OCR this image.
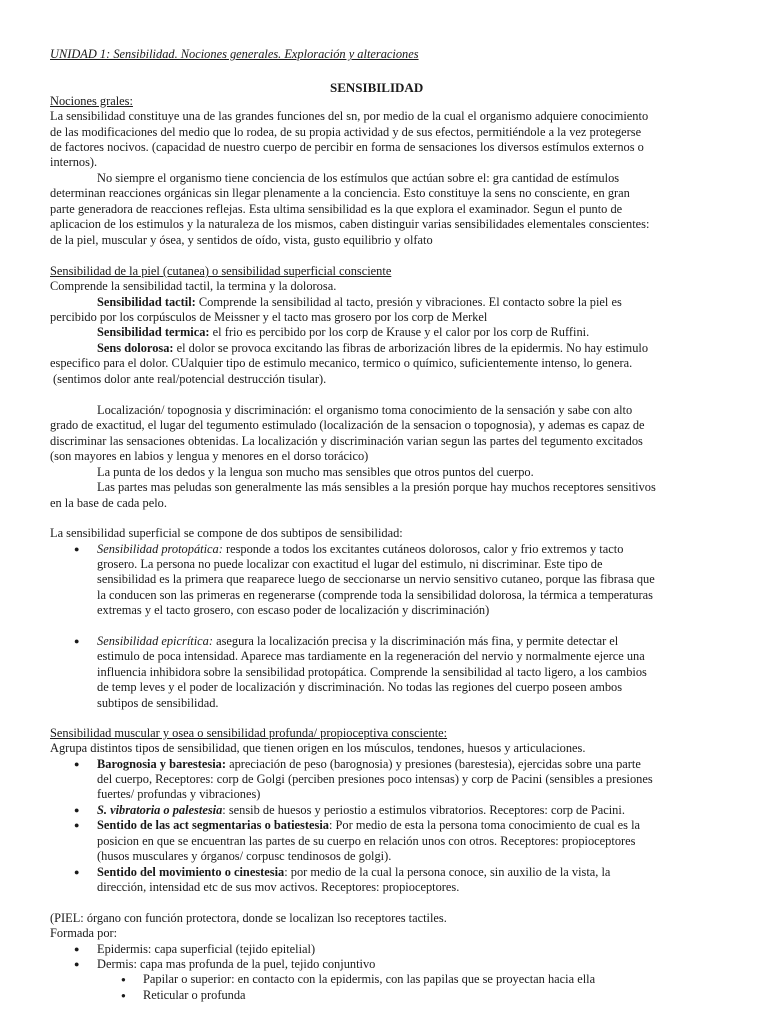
UNIDAD 1: Sensibilidad. Nociones generales. Exploración y alteraciones
SENSIBILIDAD
Nociones grales:
La sensibilidad constituye una de las grandes funciones del sn, por medio de la cual el organismo adquiere conocimiento
de las modificaciones del medio que lo rodea, de su propia actividad y de sus efectos, permitiéndole a la vez protegerse
de factores nocivos. (capacidad de nuestro cuerpo de percibir en forma de sensaciones los diversos estímulos externos o
internos).
No siempre el organismo tiene conciencia de los estímulos que actúan sobre el: gra cantidad de estímulos
determinan reacciones orgánicas sin llegar plenamente a la conciencia. Esto constituye la sens no consciente, en gran
parte generadora de reacciones reflejas. Esta ultima sensibilidad es la que explora el examinador. Segun el punto de
aplicacion de los estimulos y la naturaleza de los mismos, caben distinguir varias sensibilidades elementales conscientes:
de la piel, muscular y ósea, y sentidos de oído, vista, gusto equilibrio y olfato
Sensibilidad de la piel (cutanea) o sensibilidad superficial consciente
Comprende la sensibilidad tactil, la termina y la dolorosa.
Sensibilidad tactil: Comprende la sensibilidad al tacto, presión y vibraciones. El contacto sobre la piel es
percibido por los corpúsculos de Meissner y el tacto mas grosero por los corp de Merkel
Sensibilidad termica: el frio es percibido por los corp de Krause y el calor por los corp de Ruffini.
Sens dolorosa: el dolor se provoca excitando las fibras de arborización libres de la epidermis. No hay estimulo
especifico para el dolor. CUalquier tipo de estimulo mecanico, termico o químico, suficientemente intenso, lo genera.
(sentimos dolor ante real/potencial destrucción tisular).
Localización/ topognosia y discriminación: el organismo toma conocimiento de la sensación y sabe con alto
grado de exactitud, el lugar del tegumento estimulado (localización de la sensacion o topognosia), y ademas es capaz de
discriminar las sensaciones obtenidas. La localización y discriminación varian segun las partes del tegumento excitados
(son mayores en labios y lengua y menores en el dorso torácico)
La punta de los dedos y la lengua son mucho mas sensibles que otros puntos del cuerpo.
Las partes mas peludas son generalmente las más sensibles a la presión porque hay muchos receptores sensitivos
en la base de cada pelo.
La sensibilidad superficial se compone de dos subtipos de sensibilidad:
● Sensibilidad protopática: responde a todos los excitantes cutáneos dolorosos, calor y frio extremos y tacto
grosero. La persona no puede localizar con exactitud el lugar del estimulo, ni discriminar. Este tipo de
sensibilidad es la primera que reaparece luego de seccionarse un nervio sensitivo cutaneo, porque las fibrasa que
la conducen son las primeras en regenerarse (comprende toda la sensibilidad dolorosa, la térmica a temperaturas
extremas y el tacto grosero, con escaso poder de localización y discriminación)
● Sensibilidad epicrítica: asegura la localización precisa y la discriminación más fina, y permite detectar el
estimulo de poca intensidad. Aparece mas tardiamente en la regeneración del nervio y normalmente ejerce una
influencia inhibidora sobre la sensibilidad protopática. Comprende la sensibilidad al tacto ligero, a los cambios
de temp leves y el poder de localización y discriminación. No todas las regiones del cuerpo poseen ambos
subtipos de sensibilidad.
Sensibilidad muscular y osea o sensibilidad profunda/ propioceptiva consciente:
Agrupa distintos tipos de sensibilidad, que tienen origen en los músculos, tendones, huesos y articulaciones.
● Barognosia y barestesia: apreciación de peso (barognosia) y presiones (barestesia), ejercidas sobre una parte
del cuerpo, Receptores: corp de Golgi (perciben presiones poco intensas) y corp de Pacini (sensibles a presiones
fuertes/ profundas y vibraciones)
● S. vibratoria o palestesia: sensib de huesos y periostio a estimulos vibratorios. Receptores: corp de Pacini.
● Sentido de las act segmentarias o batiestesia: Por medio de esta la persona toma conocimiento de cual es la
posicion en que se encuentran las partes de su cuerpo en relación unos con otros. Receptores: propioceptores
(husos musculares y órganos/ corpusc tendinosos de golgi).
● Sentido del movimiento o cinestesia: por medio de la cual la persona conoce, sin auxilio de la vista, la
dirección, intensidad etc de sus mov activos. Receptores: propioceptores.
(PIEL: órgano con función protectora, donde se localizan lso receptores tactiles.
Formada por:
● Epidermis: capa superficial (tejido epitelial)
● Dermis: capa mas profunda de la puel, tejido conjuntivo
● Papilar o superior: en contacto con la epidermis, con las papilas que se proyectan hacia ella
● Reticular o profunda
